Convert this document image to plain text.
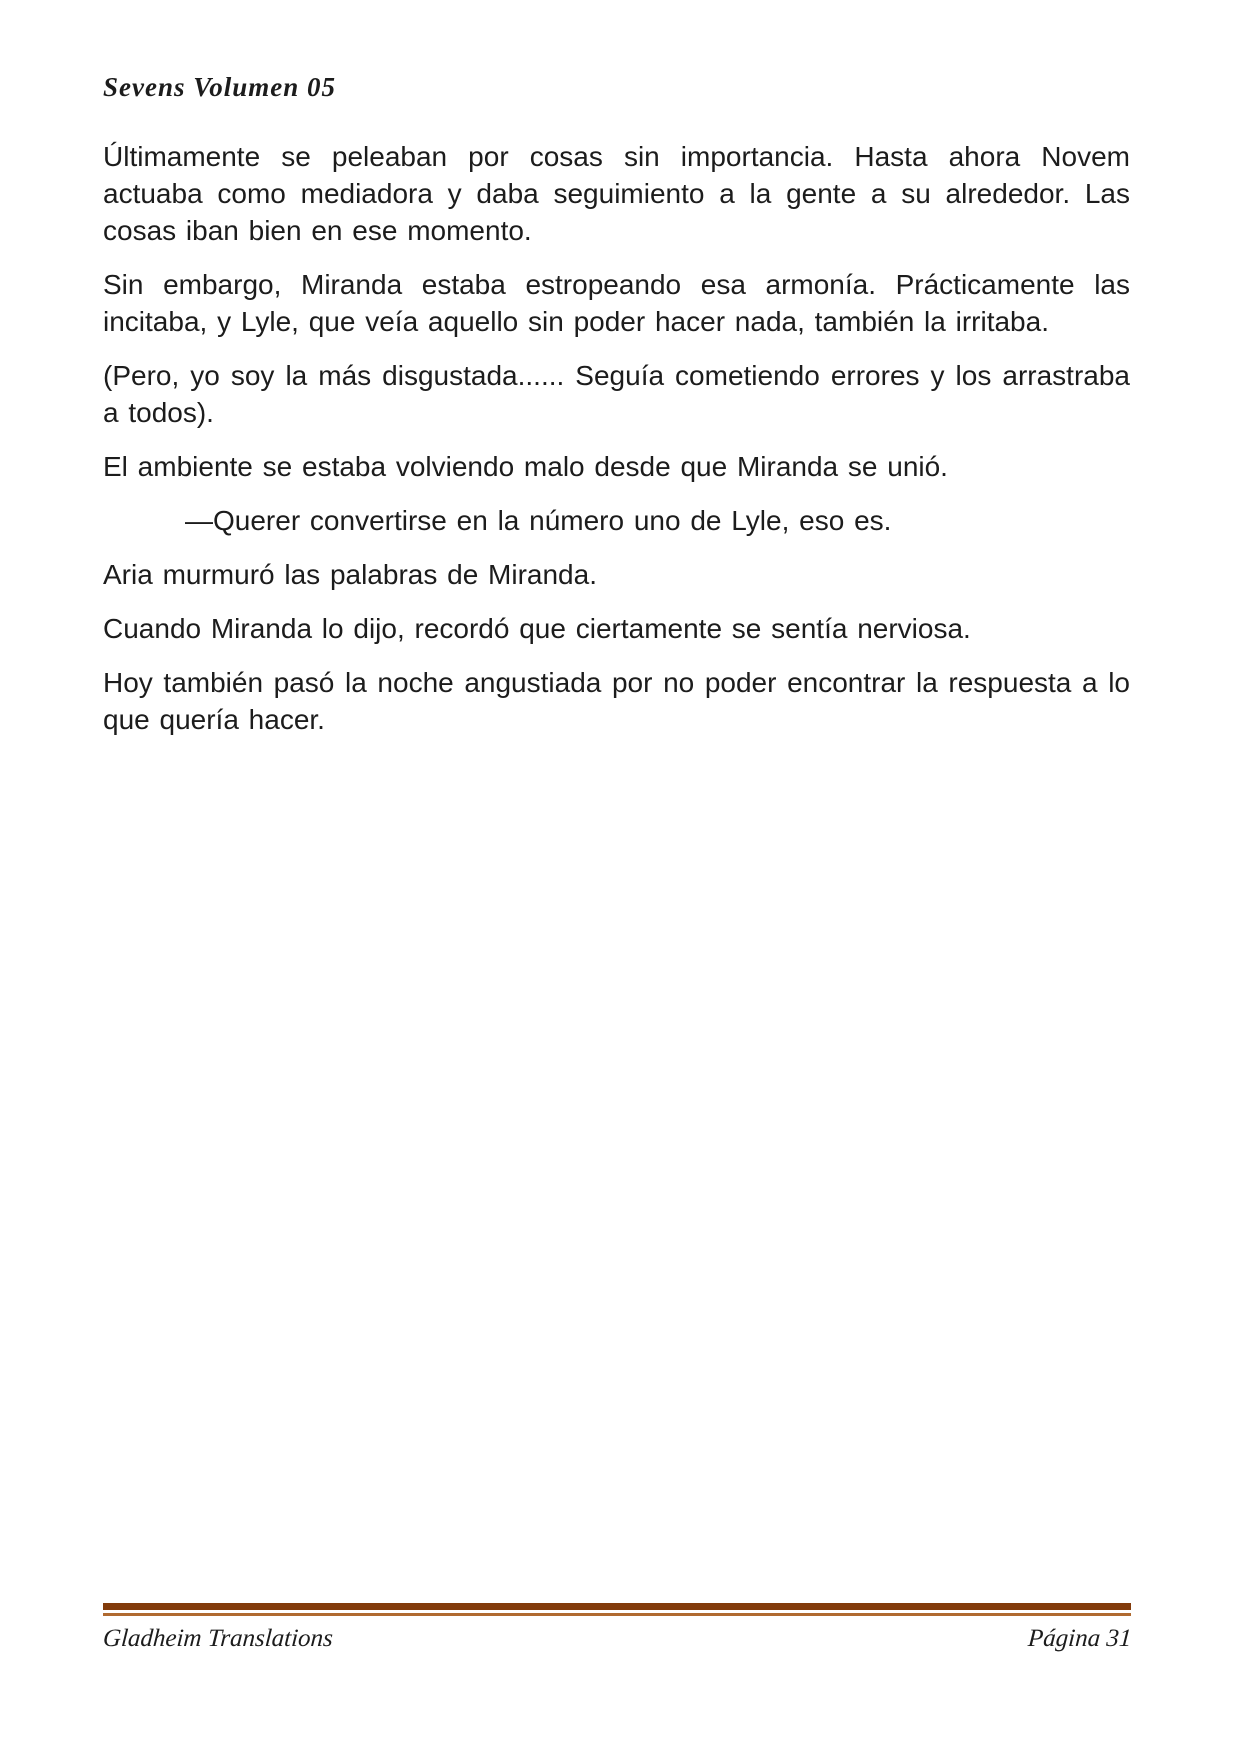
Sevens Volumen 05

Últimamente se peleaban por cosas sin importancia. Hasta ahora Novem actuaba como mediadora y daba seguimiento a la gente a su alrededor. Las cosas iban bien en ese momento.

Sin embargo, Miranda estaba estropeando esa armonía. Prácticamente las incitaba, y Lyle, que veía aquello sin poder hacer nada, también la irritaba.

(Pero, yo soy la más disgustada...... Seguía cometiendo errores y los arrastraba a todos).

El ambiente se estaba volviendo malo desde que Miranda se unió.

—Querer convertirse en la número uno de Lyle, eso es.

Aria murmuró las palabras de Miranda.

Cuando Miranda lo dijo, recordó que ciertamente se sentía nerviosa.

Hoy también pasó la noche angustiada por no poder encontrar la respuesta a lo que quería hacer.

Gladheim Translations	Página 31
